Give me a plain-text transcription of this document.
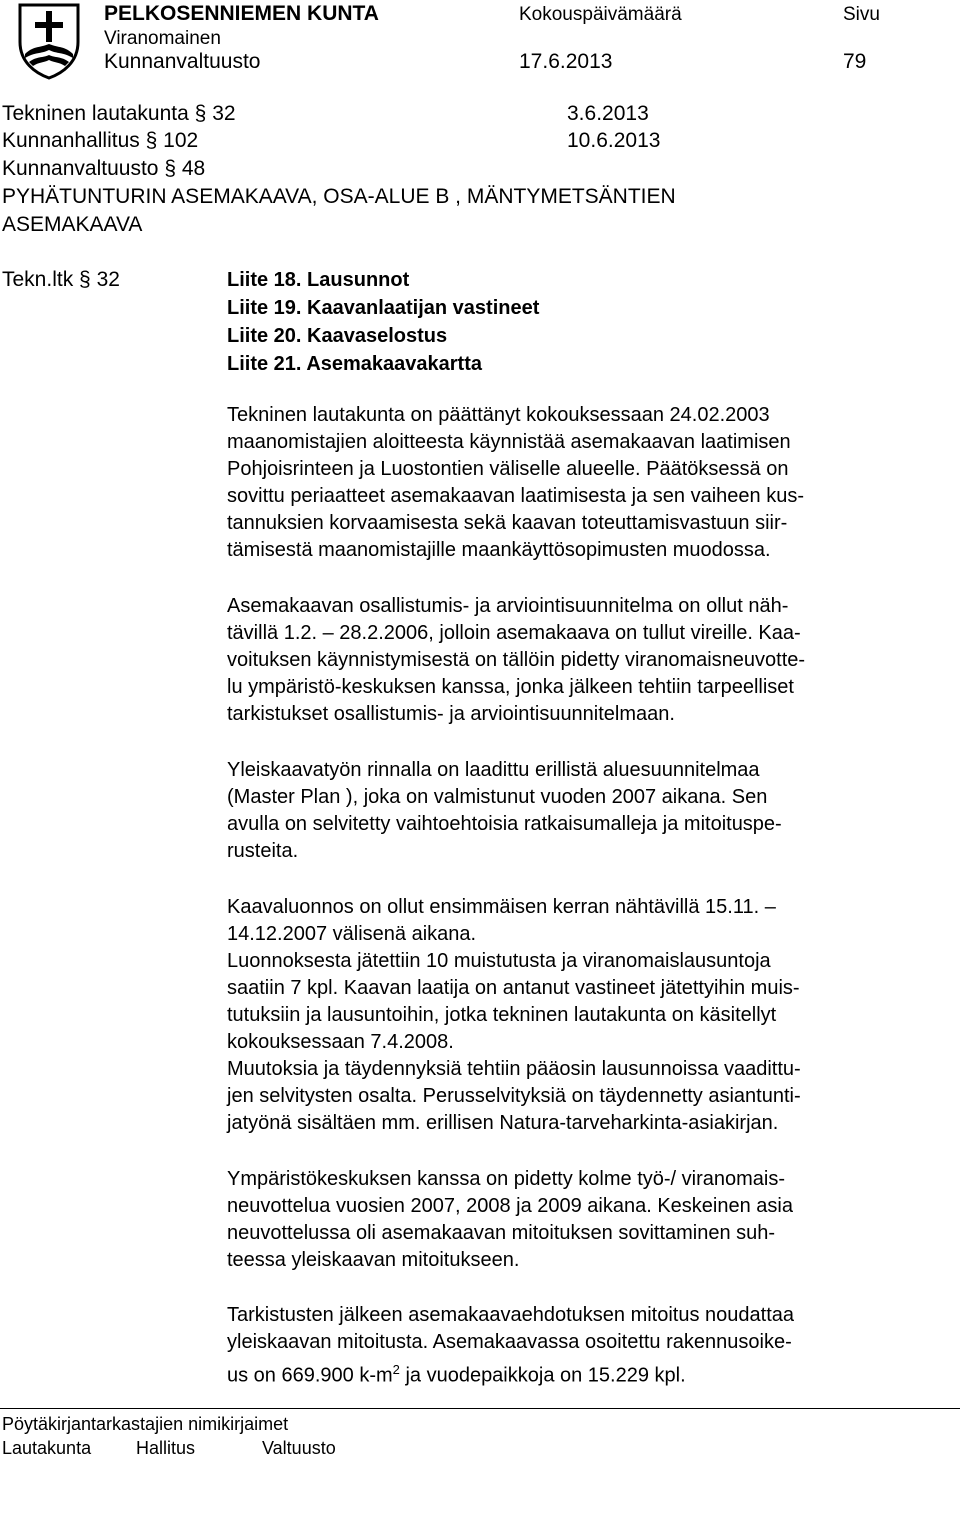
PELKOSENNIEMEN KUNTA
Viranomainen
Kokouspäivämäärä	Sivu
Kunnanvaltuusto	17.6.2013	79
Tekninen lautakunta § 32	3.6.2013
Kunnanhallitus § 102	10.6.2013
Kunnanvaltuusto § 48
PYHÄTUNTURIN ASEMAKAAVA, OSA-ALUE B , MÄNTYMETSÄNTIEN
ASEMAKAAVA
Tekn.ltk § 32	Liite 18. Lausunnot
Liite 19. Kaavanlaatijan vastineet
Liite 20. Kaavaselostus
Liite 21. Asemakaavakartta
Tekninen lautakunta on päättänyt kokouksessaan 24.02.2003
maanomistajien aloitteesta käynnistää asemakaavan laatimisen
Pohjoisrinteen ja Luostontien väliselle alueelle. Päätöksessä on
sovittu periaatteet asemakaavan laatimisesta ja sen vaiheen kus-
tannuksien korvaamisesta sekä kaavan toteuttamisvastuun siir-
tämisestä maanomistajille maankäyttösopimusten muodossa.
Asemakaavan osallistumis- ja arviointisuunnitelma on ollut näh-
tävillä 1.2. – 28.2.2006, jolloin asemakaava on tullut vireille. Kaa-
voituksen käynnistymisestä on tällöin pidetty viranomaisneuvotte-
lu ympäristö-keskuksen kanssa, jonka jälkeen tehtiin tarpeelliset
tarkistukset osallistumis- ja arviointisuunnitelmaan.
Yleiskaavatyön rinnalla on laadittu erillistä aluesuunnitelmaa
(Master Plan ), joka on valmistunut vuoden 2007 aikana. Sen
avulla on selvitetty vaihtoehtoisia ratkaisumalleja ja mitoituspe-
rusteita.
Kaavaluonnos on ollut ensimmäisen kerran nähtävillä 15.11. –
14.12.2007 välisenä aikana.
Luonnoksesta jätettiin 10 muistutusta ja viranomaislausuntoja
saatiin 7 kpl. Kaavan laatija on antanut vastineet jätettyihin muis-
tutuksiin ja lausuntoihin, jotka tekninen lautakunta on käsitellyt
kokouksessaan 7.4.2008.
Muutoksia ja täydennyksiä tehtiin pääosin lausunnoissa vaadittu-
jen selvitysten osalta. Perusselvityksiä on täydennetty asiantunti-
jatyönä sisältäen mm. erillisen Natura-tarveharkinta-asiakirjan.
Ympäristökeskuksen kanssa on pidetty kolme työ-/ viranomais-
neuvottelua vuosien 2007, 2008 ja 2009 aikana. Keskeinen asia
neuvottelussa oli asemakaavan mitoituksen sovittaminen suh-
teessa yleiskaavan mitoitukseen.
Tarkistusten jälkeen asemakaavaehdotuksen mitoitus noudattaa
yleiskaavan mitoitusta. Asemakaavassa osoitettu rakennusoike-
us on 669.900 $k-m^2$ ja vuodepaikkoja on 15.229 kpl.
Pöytäkirjantarkastajien nimikirjaimet
Lautakunta Hallitus	Valtuusto
